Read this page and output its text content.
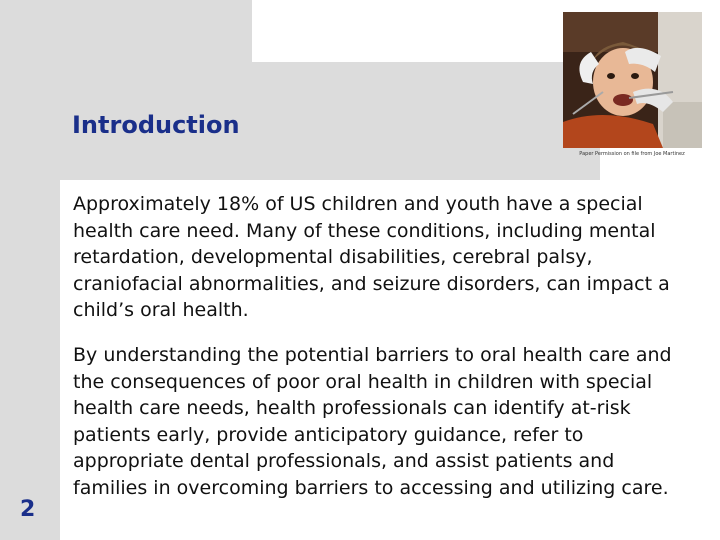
Introduction
Paper Permission on file from Joe Martinez

Approximately 18% of US children and youth have a special health care need. Many of these conditions, including mental retardation, developmental disabilities, cerebral palsy, craniofacial abnormalities, and seizure disorders, can impact a child’s oral health.

By understanding the potential barriers to oral health care and the consequences of poor oral health in children with special health care needs, health professionals can identify at-risk patients early, provide anticipatory guidance, refer to appropriate dental professionals, and assist patients and families in overcoming barriers to accessing and utilizing care.

2
